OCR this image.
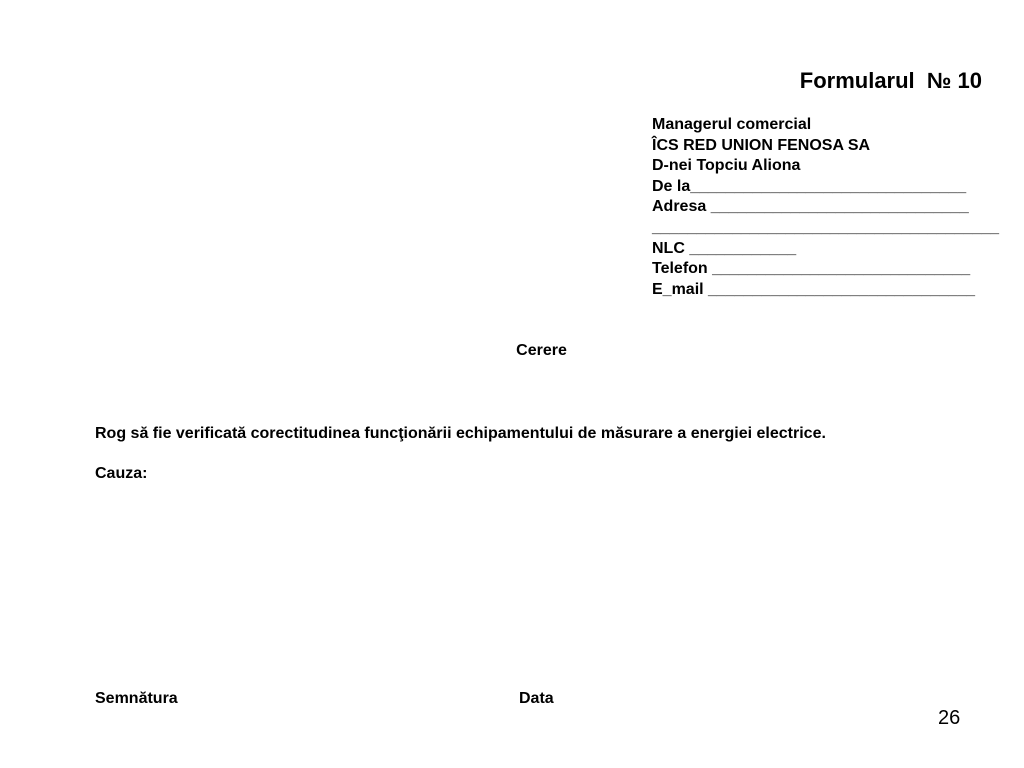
Formularul  № 10
Managerul comercial
ÎCS RED UNION FENOSA SA
D-nei Topciu Aliona
De la_______________________________
Adresa _____________________________
_______________________________________
NLC ____________
Telefon _____________________________
E_mail ______________________________
Cerere
Rog să fie verificată corectitudinea funcţionării echipamentului de măsurare a energiei electrice.
Cauza:
Semnătura	Data
26
